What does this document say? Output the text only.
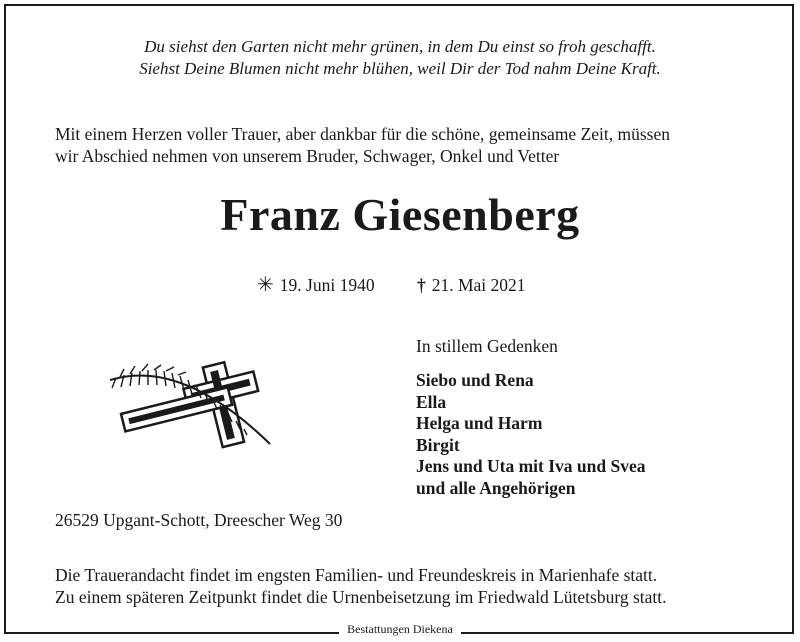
Du siehst den Garten nicht mehr grünen, in dem Du einst so froh geschafft.
Siehst Deine Blumen nicht mehr blühen, weil Dir der Tod nahm Deine Kraft.
Mit einem Herzen voller Trauer, aber dankbar für die schöne, gemeinsame Zeit, müssen
wir Abschied nehmen von unserem Bruder, Schwager, Onkel und Vetter
Franz Giesenberg
✳ 19. Juni 1940 † 21. Mai 2021
In stillem Gedenken
Siebo und Rena
Ella
Helga und Harm
Birgit
Jens und Uta mit Iva und Svea
und alle Angehörigen
26529 Upgant-Schott, Dreescher Weg 30
Die Trauerandacht findet im engsten Familien- und Freundeskreis in Marienhafe statt.
Zu einem späteren Zeitpunkt findet die Urnenbeisetzung im Friedwald Lütetsburg statt.
Bestattungen Diekena
